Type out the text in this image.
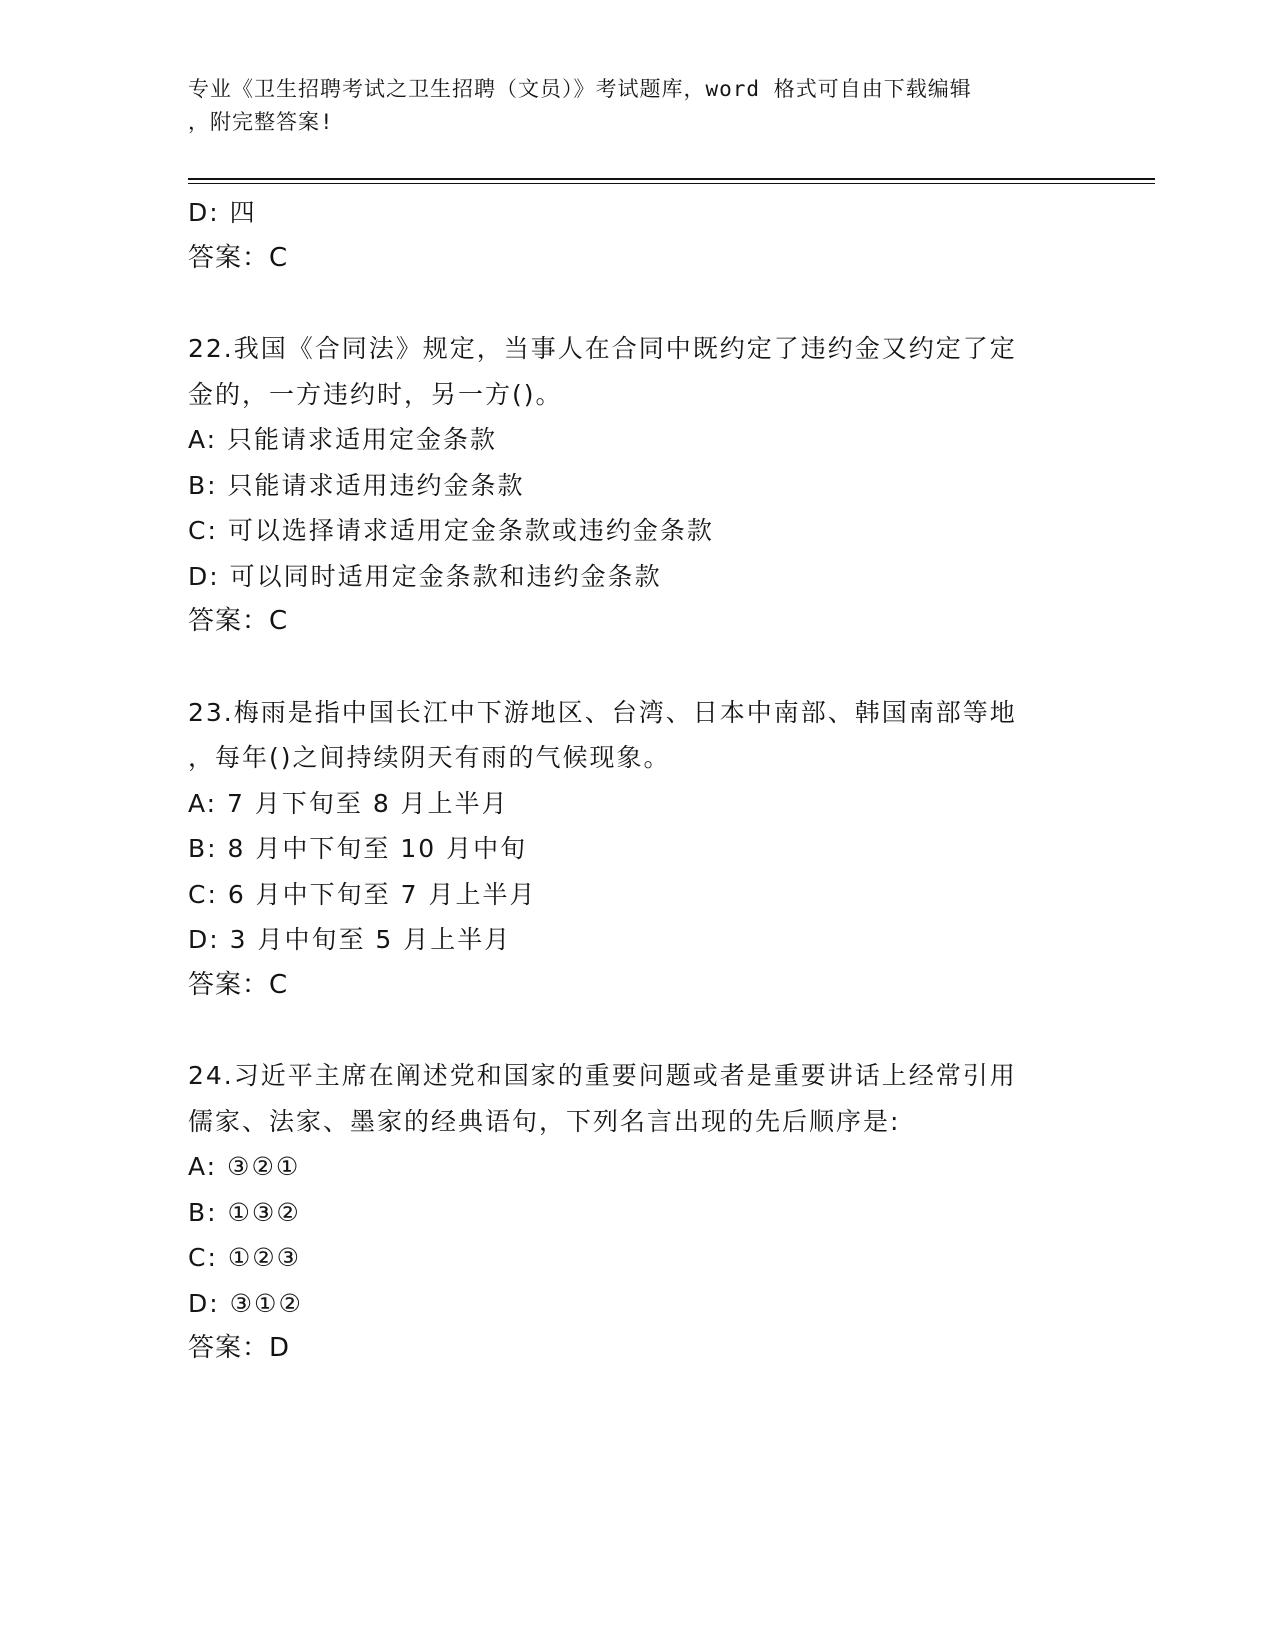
专业《卫生招聘考试之卫生招聘（文员）》考试题库，word 格式可自由下载编辑
，附完整答案!
D: 四
答案：C
22.我国《合同法》规定，当事人在合同中既约定了违约金又约定了定
金的，一方违约时，另一方()。
A: 只能请求适用定金条款
B: 只能请求适用违约金条款
C: 可以选择请求适用定金条款或违约金条款
D: 可以同时适用定金条款和违约金条款
答案：C
23.梅雨是指中国长江中下游地区、台湾、日本中南部、韩国南部等地
，每年()之间持续阴天有雨的气候现象。
A: 7 月下旬至 8 月上半月
B: 8 月中下旬至 10 月中旬
C: 6 月中下旬至 7 月上半月
D: 3 月中旬至 5 月上半月
答案：C
24.习近平主席在阐述党和国家的重要问题或者是重要讲话上经常引用
儒家、法家、墨家的经典语句，下列名言出现的先后顺序是:
A: ③②①
B: ①③②
C: ①②③
D: ③①②
答案：D
